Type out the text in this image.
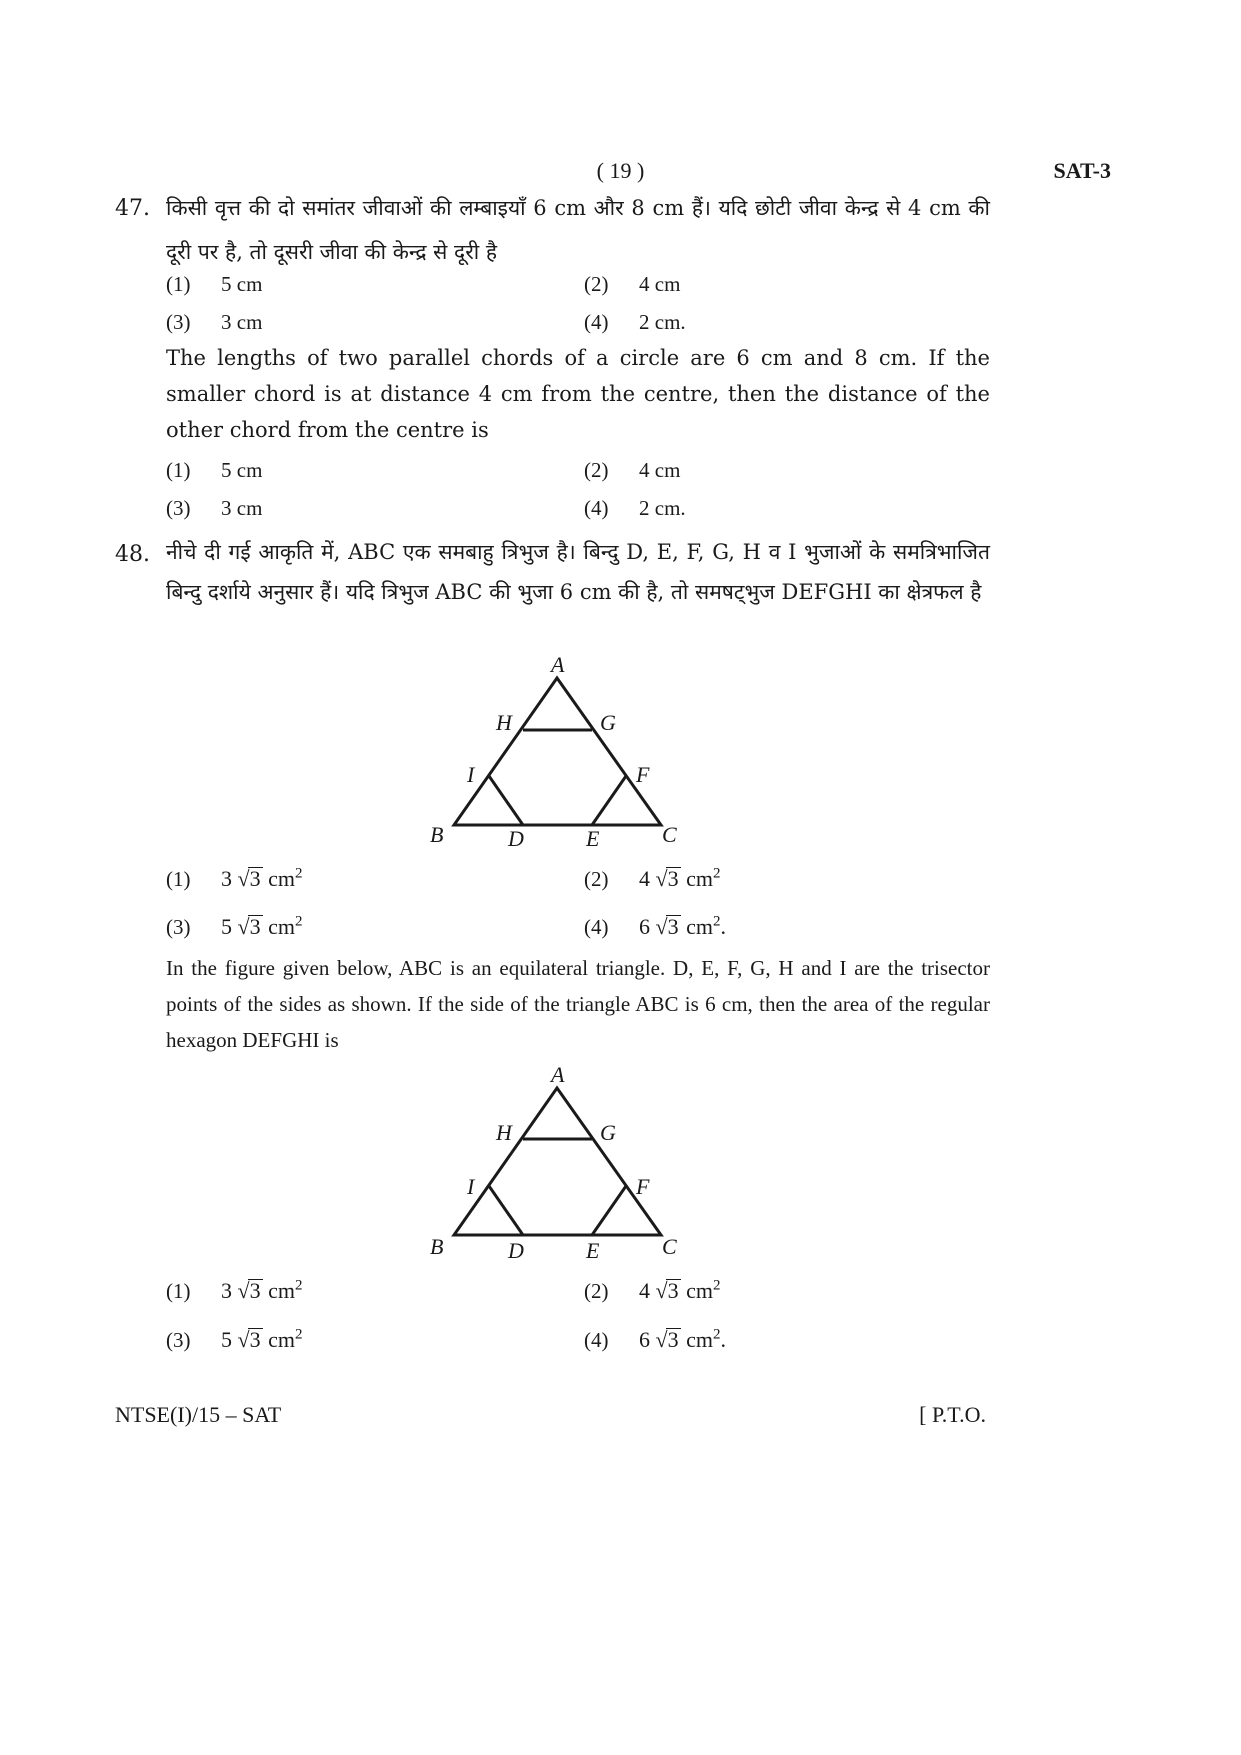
( 19 )	SAT-3
47. किसी वृत्त की दो समांतर जीवाओं की लम्बाइयाँ 6 cm और 8 cm हैं। यदि छोटी जीवा केन्द्र से 4 cm की दूरी पर है, तो दूसरी जीवा की केन्द्र से दूरी है
(1) 5 cm	(2) 4 cm
(3) 3 cm	(4) 2 cm.
The lengths of two parallel chords of a circle are 6 cm and 8 cm. If the smaller chord is at distance 4 cm from the centre, then the distance of the other chord from the centre is
(1) 5 cm	(2) 4 cm
(3) 3 cm	(4) 2 cm.
48. नीचे दी गई आकृति में, ABC एक समबाहु त्रिभुज है। बिन्दु D, E, F, G, H व I भुजाओं के समत्रिभाजित बिन्दु दर्शाये अनुसार हैं। यदि त्रिभुज ABC की भुजा 6 cm की है, तो समषट्भुज DEFGHI का क्षेत्रफल है
A
H	G
I	F
B	D	E	C
(1) 3 √3 $cm^2$	(2) 4 √3 $cm^2$
(3) 5 √3 $cm^2$	(4) 6 √3 $cm^2$.
In the figure given below, ABC is an equilateral triangle. D, E, F, G, H and I are the trisector points of the sides as shown. If the side of the triangle ABC is 6 cm, then the area of the regular hexagon DEFGHI is
A
H	G
I	F
B	D	E	C
(1) 3 √3 $cm^2$	(2) 4 √3 $cm^2$
(3) 5 √3 $cm^2$	(4) 6 √3 $cm^2$.
NTSE(I)/15 – SAT	[ P.T.O.
